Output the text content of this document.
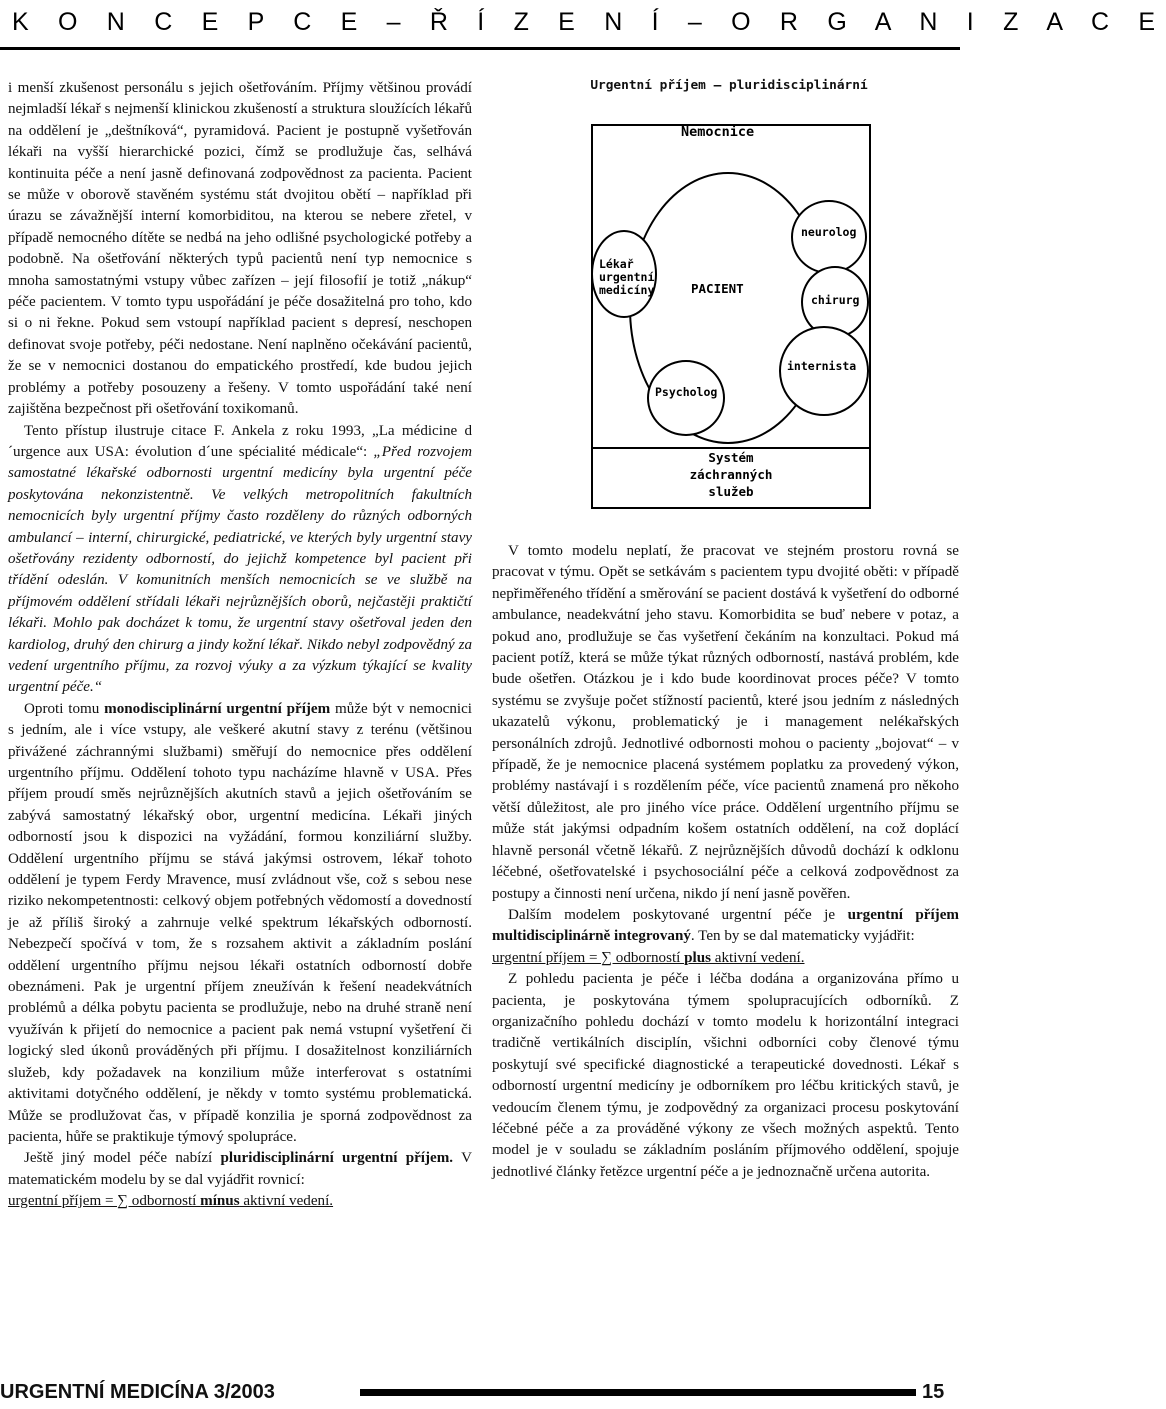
K O N C E P C E – Ř Í Z E N Í – O R G A N I Z A C E

i menší zkušenost personálu s jejich ošetřováním. Příjmy většinou provádí nejmladší lékař s nejmenší klinickou zkušeností a struktura sloužících lékařů na oddělení je „deštníková“, pyramidová. Pacient je postupně vyšetřován lékaři na vyšší hierarchické pozici, čímž se prodlužuje čas, selhává kontinuita péče a není jasně definovaná zodpovědnost za pacienta. Pacient se může v oborově stavěném systému stát dvojitou obětí – například při úrazu se závažnější interní komorbiditou, na kterou se nebere zřetel, v případě nemocného dítěte se nedbá na jeho odlišné psychologické potřeby a podobně. Na ošetřování některých typů pacientů není typ nemocnice s mnoha samostatnými vstupy vůbec zařízen – její filosofií je totiž „nákup“ péče pacientem. V tomto typu uspořádání je péče dosažitelná pro toho, kdo si o ni řekne. Pokud sem vstoupí například pacient s depresí, neschopen definovat svoje potřeby, péči nedostane. Není naplněno očekávání pacientů, že se v nemocnici dostanou do empatického prostředí, kde budou jejich problémy a potřeby posouzeny a řešeny. V tomto uspořádání také není zajištěna bezpečnost při ošetřování toxikomanů.

Tento přístup ilustruje citace F. Ankela z roku 1993, „La médicine d´urgence aux USA: évolution d´une spécialité médicale“: „Před rozvojem samostatné lékařské odbornosti urgentní medicíny byla urgentní péče poskytována nekonzistentně. Ve velkých metropolitních fakultních nemocnicích byly urgentní příjmy často rozděleny do různých odborných ambulancí – interní, chirurgické, pediatrické, ve kterých byly urgentní stavy ošetřovány rezidenty odborností, do jejichž kompetence byl pacient při třídění odeslán. V komunitních menších nemocnicích se ve službě na příjmovém oddělení střídali lékaři nejrůznějších oborů, nejčastěji praktičtí lékaři. Mohlo pak docházet k tomu, že urgentní stavy ošetřoval jeden den kardiolog, druhý den chirurg a jindy kožní lékař. Nikdo nebyl zodpovědný za vedení urgentního příjmu, za rozvoj výuky a za výzkum týkající se kvality urgentní péče.“

Oproti tomu monodisciplinární urgentní příjem může být v nemocnici s jedním, ale i více vstupy, ale veškeré akutní stavy z terénu (většinou přivážené záchrannými službami) směřují do nemocnice přes oddělení urgentního příjmu. Oddělení tohoto typu nacházíme hlavně v USA. Přes příjem proudí směs nejrůznějších akutních stavů a jejich ošetřováním se zabývá samostatný lékařský obor, urgentní medicína. Lékaři jiných odborností jsou k dispozici na vyžádání, formou konziliární služby. Oddělení urgentního příjmu se stává jakýmsi ostrovem, lékař tohoto oddělení je typem Ferdy Mravence, musí zvládnout vše, což s sebou nese riziko nekompetentnosti: celkový objem potřebných vědomostí a dovedností je až příliš široký a zahrnuje velké spektrum lékařských odborností. Nebezpečí spočívá v tom, že s rozsahem aktivit a základním poslání oddělení urgentního příjmu nejsou lékaři ostatních odborností dobře obeznámeni. Pak je urgentní příjem zneužíván k řešení neadekvátních problémů a délka pobytu pacienta se prodlužuje, nebo na druhé straně není využíván k přijetí do nemocnice a pacient pak nemá vstupní vyšetření či logický sled úkonů prováděných při příjmu. I dosažitelnost konziliárních služeb, kdy požadavek na konzilium může interferovat s ostatními aktivitami dotyčného oddělení, je někdy v tomto systému problematická. Může se prodlužovat čas, v případě konzilia je sporná zodpovědnost za pacienta, hůře se praktikuje týmový spolupráce.

Ještě jiný model péče nabízí pluridisciplinární urgentní příjem. V matematickém modelu by se dal vyjádřit rovnicí:

urgentní příjem = ∑ odborností mínus aktivní vedení.

Urgentní příjem – pluridisciplinární
Nemocnice
PACIENT
Lékař
urgentní
medicíny
neurolog
chirurg
internista
Psycholog
Systém
záchranných
služeb

V tomto modelu neplatí, že pracovat ve stejném prostoru rovná se pracovat v týmu. Opět se setkávám s pacientem typu dvojité oběti: v případě nepřiměřeného třídění a směrování se pacient dostává k vyšetření do odborné ambulance, neadekvátní jeho stavu. Komorbidita se buď nebere v potaz, a pokud ano, prodlužuje se čas vyšetření čekáním na konzultaci. Pokud má pacient potíž, která se může týkat různých odborností, nastává problém, kde bude ošetřen. Otázkou je i kdo bude koordinovat proces péče? V tomto systému se zvyšuje počet stížností pacientů, které jsou jedním z následných ukazatelů výkonu, problematický je i management nelékařských personálních zdrojů. Jednotlivé odbornosti mohou o pacienty „bojovat“ – v případě, že je nemocnice placená systémem poplatku za provedený výkon, problémy nastávají i s rozdělením péče, více pacientů znamená pro někoho větší důležitost, ale pro jiného více práce. Oddělení urgentního příjmu se může stát jakýmsi odpadním košem ostatních oddělení, na což doplácí hlavně personál včetně lékařů. Z nejrůznějších důvodů dochází k odklonu léčebné, ošetřovatelské i psychosociální péče a celková zodpovědnost za postupy a činnosti není určena, nikdo jí není jasně pověřen.

Dalším modelem poskytované urgentní péče je urgentní příjem multidisciplinárně integrovaný. Ten by se dal matematicky vyjádřit:

urgentní příjem = ∑ odborností plus aktivní vedení.

Z pohledu pacienta je péče i léčba dodána a organizována přímo u pacienta, je poskytována týmem spolupracujících odborníků. Z organizačního pohledu dochází v tomto modelu k horizontální integraci tradičně vertikálních disciplín, všichni odborníci coby členové týmu poskytují své specifické diagnostické a terapeutické dovednosti. Lékař s odborností urgentní medicíny je odborníkem pro léčbu kritických stavů, je vedoucím členem týmu, je zodpovědný za organizaci procesu poskytování léčebné péče a za prováděné výkony ze všech možných aspektů. Tento model je v souladu se základním posláním příjmového oddělení, spojuje jednotlivé články řetězce urgentní péče a je jednoznačně určena autorita.

URGENTNÍ MEDICÍNA 3/2003	15
